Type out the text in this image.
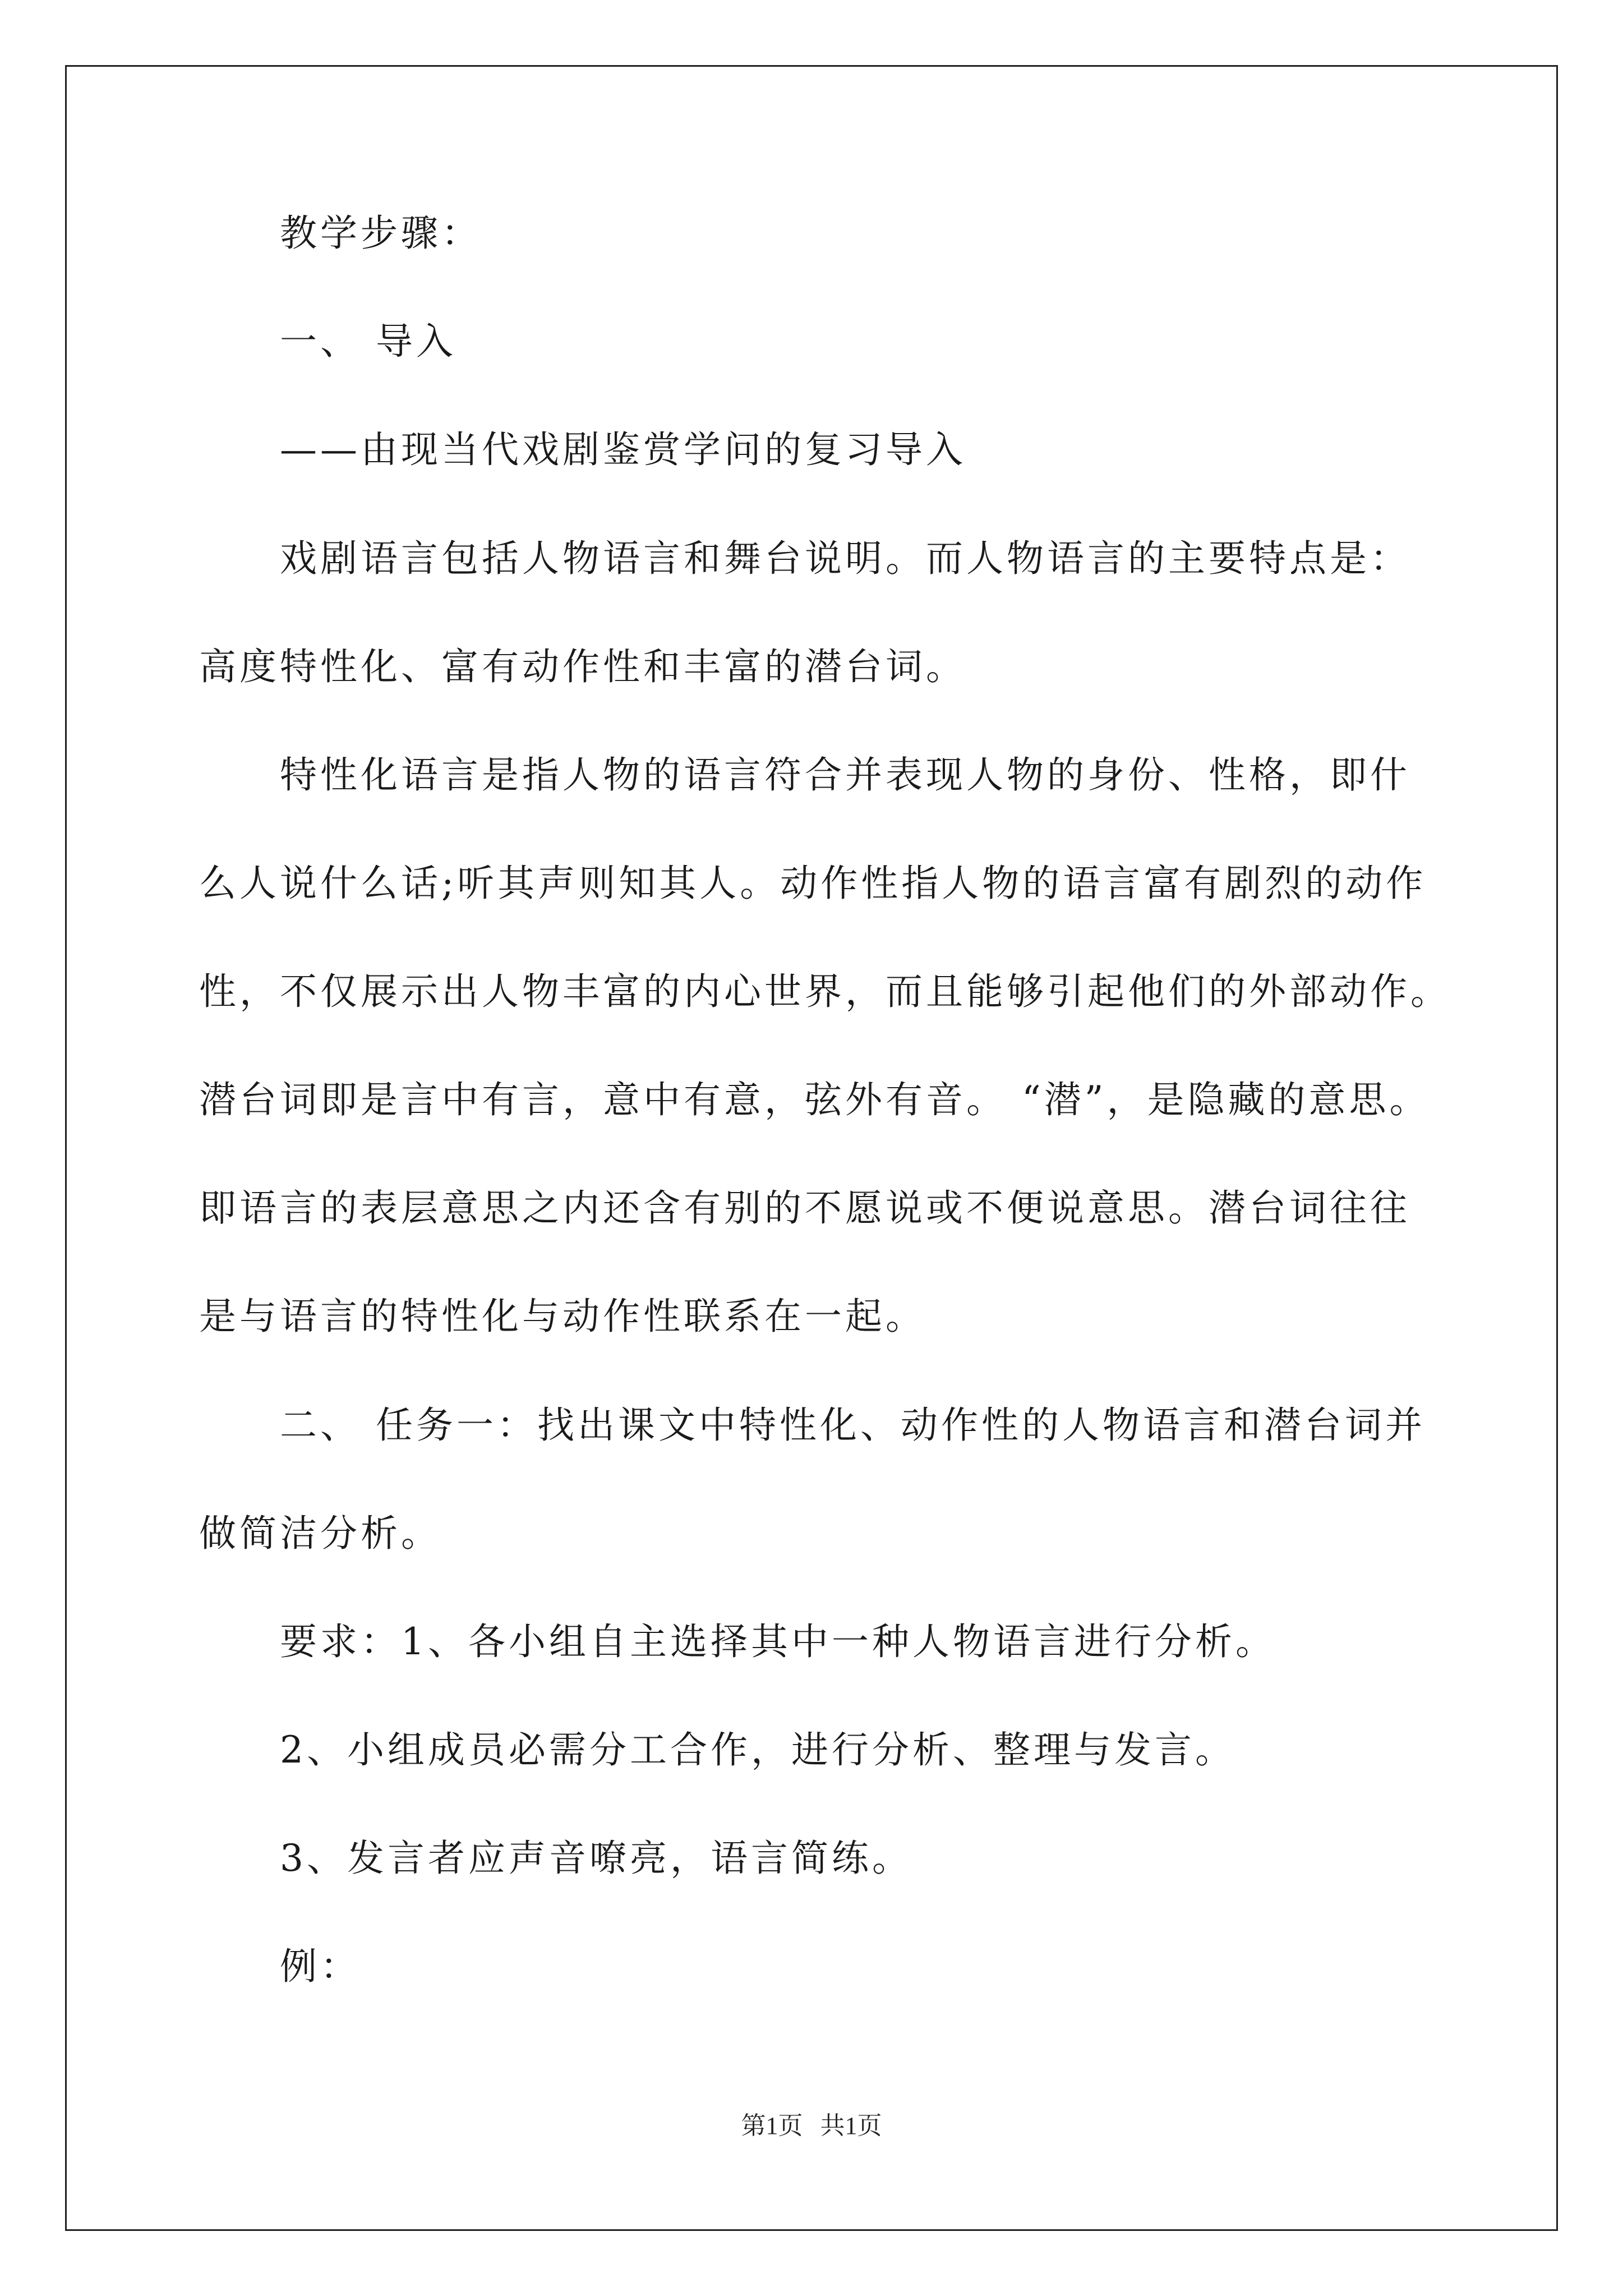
教学步骤：
一、 导入
——由现当代戏剧鉴赏学问的复习导入
戏剧语言包括人物语言和舞台说明。而人物语言的主要特点是：
高度特性化、富有动作性和丰富的潜台词。
特性化语言是指人物的语言符合并表现人物的身份、性格，即什
么人说什么话;听其声则知其人。动作性指人物的语言富有剧烈的动作
性，不仅展示出人物丰富的内心世界，而且能够引起他们的外部动作。
潜台词即是言中有言，意中有意，弦外有音。 “潜”，是隐藏的意思。
即语言的表层意思之内还含有别的不愿说或不便说意思。潜台词往往
是与语言的特性化与动作性联系在一起。
二、 任务一：找出课文中特性化、动作性的人物语言和潜台词并
做简洁分析。
要求：1、各小组自主选择其中一种人物语言进行分析。
2、小组成员必需分工合作，进行分析、整理与发言。
3、发言者应声音嘹亮，语言简练。
例：
第1页 共1页
